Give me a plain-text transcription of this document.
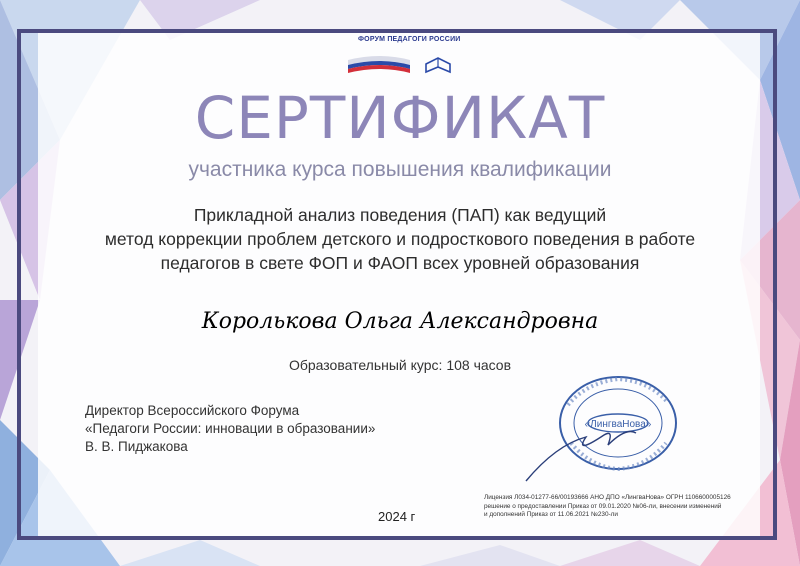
ФОРУМ ПЕДАГОГИ РОССИИ
СЕРТИФИКАТ
участника курса повышения квалификации
Прикладной анализ поведения (ПАП) как ведущий
метод коррекции проблем детского и подросткового поведения в работе
педагогов в свете ФОП и ФАОП всех уровней образования
Королькова Ольга Александровна
Образовательный курс: 108 часов
Директор Всероссийского Форума
«Педагоги России: инновации в образовании»
В. В. Пиджакова
«ЛингваНова»
Лицензия Л034-01277-66/00193666 АНО ДПО «ЛингваНова» ОГРН 1106600005126
решение о предоставлении Приказ от 09.01.2020 №06-ли, внесении изменений
и дополнений Приказ от 11.06.2021 №230-ли
2024 г
